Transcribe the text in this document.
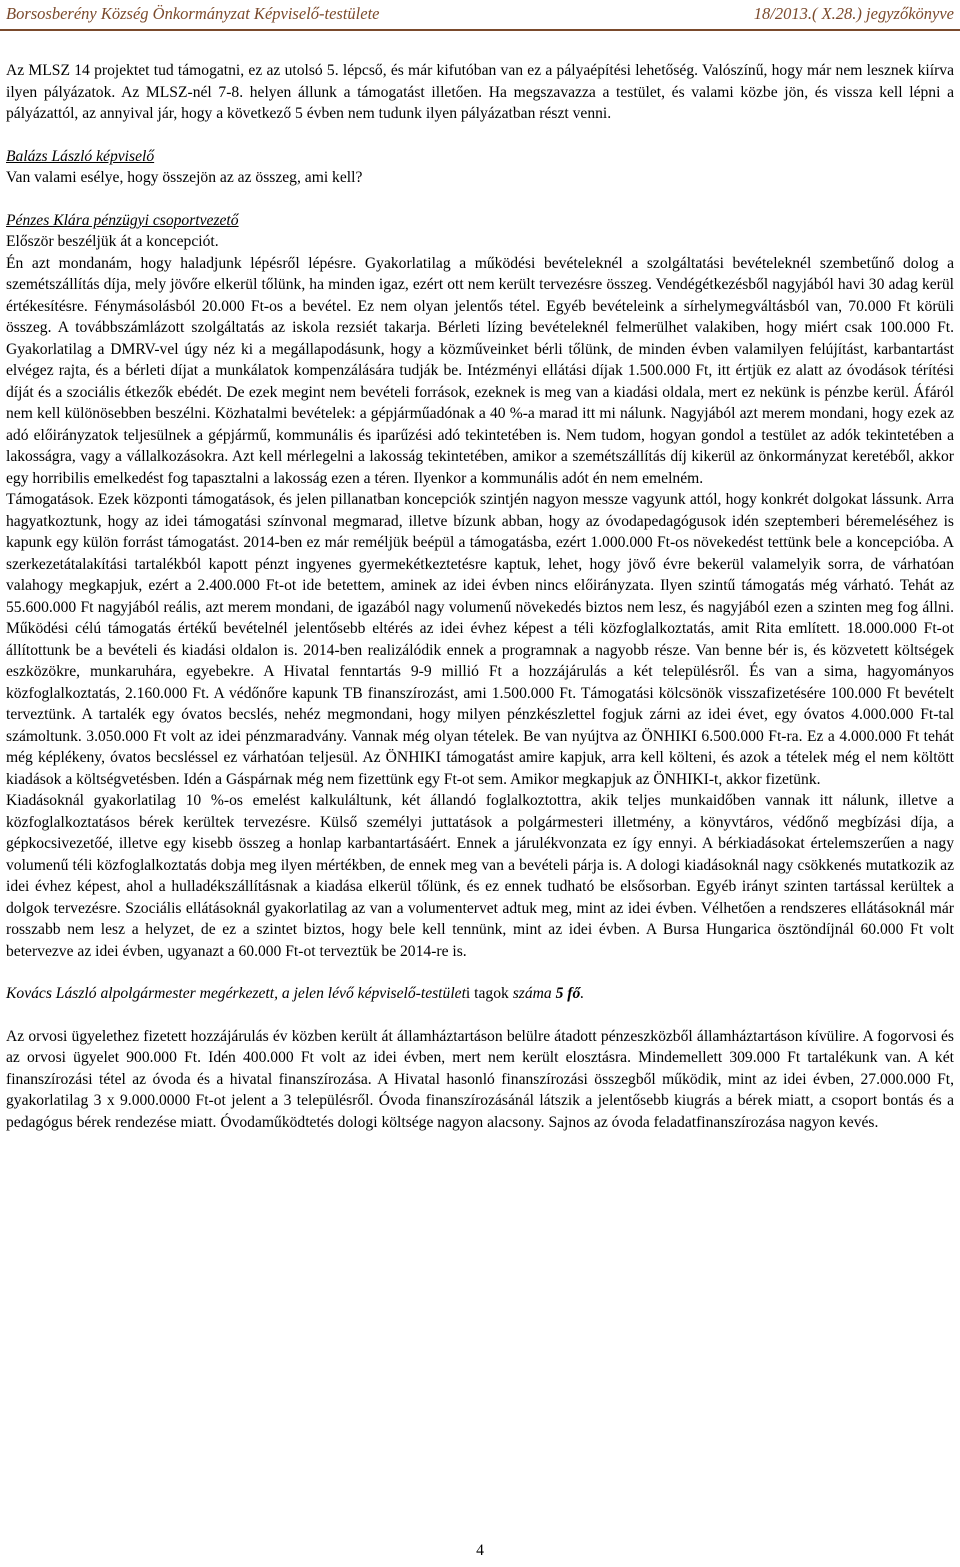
Borsosberény Község Önkormányzat Képviselő-testülete	18/2013.( X.28.) jegyzőkönyve

Az MLSZ 14 projektet tud támogatni, ez az utolsó 5. lépcső, és már kifutóban van ez a pályaépítési lehetőség. Valószínű, hogy már nem lesznek kiírva ilyen pályázatok. Az MLSZ-nél 7-8. helyen állunk a támogatást illetően. Ha megszavazza a testület, és valami közbe jön, és vissza kell lépni a pályázattól, az annyival jár, hogy a következő 5 évben nem tudunk ilyen pályázatban részt venni.

Balázs László képviselő

Van valami esélye, hogy összejön az az összeg, ami kell?

Pénzes Klára pénzügyi csoportvezető

Először beszéljük át a koncepciót.

Én azt mondanám, hogy haladjunk lépésről lépésre. Gyakorlatilag a működési bevételeknél a szolgáltatási bevételeknél szembetűnő dolog a szemétszállítás díja, mely jövőre elkerül tőlünk, ha minden igaz, ezért ott nem került tervezésre összeg. Vendégétkezésből nagyjából havi 30 adag kerül értékesítésre. Fénymásolásból 20.000 Ft-os a bevétel. Ez nem olyan jelentős tétel. Egyéb bevételeink a sírhelymegváltásból van, 70.000 Ft körüli összeg. A továbbszámlázott szolgáltatás az iskola rezsiét takarja. Bérleti lízing bevételeknél felmerülhet valakiben, hogy miért csak 100.000 Ft. Gyakorlatilag a DMRV-vel úgy néz ki a megállapodásunk, hogy a közműveinket bérli tőlünk, de minden évben valamilyen felújítást, karbantartást elvégez rajta, és a bérleti díjat a munkálatok kompenzálására tudják be. Intézményi ellátási díjak 1.500.000 Ft, itt értjük ez alatt az óvodások térítési díját és a szociális étkezők ebédét. De ezek megint nem bevételi források, ezeknek is meg van a kiadási oldala, mert ez nekünk is pénzbe kerül. Áfáról nem kell különösebben beszélni. Közhatalmi bevételek: a gépjárműadónak a 40 %-a marad itt mi nálunk. Nagyjából azt merem mondani, hogy ezek az adó előirányzatok teljesülnek a gépjármű, kommunális és iparűzési adó tekintetében is. Nem tudom, hogyan gondol a testület az adók tekintetében a lakosságra, vagy a vállalkozásokra. Azt kell mérlegelni a lakosság tekintetében, amikor a szemétszállítás díj kikerül az önkormányzat keretéből, akkor egy horribilis emelkedést fog tapasztalni a lakosság ezen a téren. Ilyenkor a kommunális adót én nem emelném.

Támogatások. Ezek központi támogatások, és jelen pillanatban koncepciók szintjén nagyon messze vagyunk attól, hogy konkrét dolgokat lássunk. Arra hagyatkoztunk, hogy az idei támogatási színvonal megmarad, illetve bízunk abban, hogy az óvodapedagógusok idén szeptemberi béremeléséhez is kapunk egy külön forrást támogatást. 2014-ben ez már reméljük beépül a támogatásba, ezért 1.000.000 Ft-os növekedést tettünk bele a koncepcióba. A szerkezetátalakítási tartalékból kapott pénzt ingyenes gyermekétkeztetésre kaptuk, lehet, hogy jövő évre bekerül valamelyik sorra, de várhatóan valahogy megkapjuk, ezért a 2.400.000 Ft-ot ide betettem, aminek az idei évben nincs előirányzata. Ilyen szintű támogatás még várható. Tehát az 55.600.000 Ft nagyjából reális, azt merem mondani, de igazából nagy volumenű növekedés biztos nem lesz, és nagyjából ezen a szinten meg fog állni. Működési célú támogatás értékű bevételnél jelentősebb eltérés az idei évhez képest a téli közfoglalkoztatás, amit Rita említett. 18.000.000 Ft-ot állítottunk be a bevételi és kiadási oldalon is. 2014-ben realizálódik ennek a programnak a nagyobb része. Van benne bér is, és közvetett költségek eszközökre, munkaruhára, egyebekre. A Hivatal fenntartás 9-9 millió Ft a hozzájárulás a két településről. És van a sima, hagyományos közfoglalkoztatás, 2.160.000 Ft. A védőnőre kapunk TB finanszírozást, ami 1.500.000 Ft. Támogatási kölcsönök visszafizetésére 100.000 Ft bevételt terveztünk. A tartalék egy óvatos becslés, nehéz megmondani, hogy milyen pénzkészlettel fogjuk zárni az idei évet, egy óvatos 4.000.000 Ft-tal számoltunk. 3.050.000 Ft volt az idei pénzmaradvány. Vannak még olyan tételek. Be van nyújtva az ÖNHIKI 6.500.000 Ft-ra. Ez a 4.000.000 Ft tehát még képlékeny, óvatos becsléssel ez várhatóan teljesül. Az ÖNHIKI támogatást amire kapjuk, arra kell költeni, és azok a tételek még el nem költött kiadások a költségvetésben. Idén a Gáspárnak még nem fizettünk egy Ft-ot sem. Amikor megkapjuk az ÖNHIKI-t, akkor fizetünk.

Kiadásoknál gyakorlatilag 10 %-os emelést kalkuláltunk, két állandó foglalkoztottra, akik teljes munkaidőben vannak itt nálunk, illetve a közfoglalkoztatásos bérek kerültek tervezésre. Külső személyi juttatások a polgármesteri illetmény, a könyvtáros, védőnő megbízási díja, a gépkocsivezetőé, illetve egy kisebb összeg a honlap karbantartásáért. Ennek a járulékvonzata ez így ennyi. A bérkiadásokat értelemszerűen a nagy volumenű téli közfoglalkoztatás dobja meg ilyen mértékben, de ennek meg van a bevételi párja is. A dologi kiadásoknál nagy csökkenés mutatkozik az idei évhez képest, ahol a hulladékszállításnak a kiadása elkerül tőlünk, és ez ennek tudható be elsősorban. Egyéb irányt szinten tartással kerültek a dolgok tervezésre. Szociális ellátásoknál gyakorlatilag az van a volumentervet adtuk meg, mint az idei évben. Vélhetően a rendszeres ellátásoknál már rosszabb nem lesz a helyzet, de ez a szintet biztos, hogy bele kell tennünk, mint az idei évben. A Bursa Hungarica ösztöndíjnál 60.000 Ft volt betervezve az idei évben, ugyanazt a 60.000 Ft-ot terveztük be 2014-re is.

Kovács László alpolgármester megérkezett, a jelen lévő képviselő-testületi tagok száma 5 fő.

Az orvosi ügyelethez fizetett hozzájárulás év közben került át államháztartáson belülre átadott pénzeszközből államháztartáson kívülire. A fogorvosi és az orvosi ügyelet 900.000 Ft. Idén 400.000 Ft volt az idei évben, mert nem került elosztásra. Mindemellett 309.000 Ft tartalékunk van. A két finanszírozási tétel az óvoda és a hivatal finanszírozása. A Hivatal hasonló finanszírozási összegből működik, mint az idei évben, 27.000.000 Ft, gyakorlatilag 3 x 9.000.0000 Ft-ot jelent a 3 településről. Óvoda finanszírozásánál látszik a jelentősebb kiugrás a bérek miatt, a csoport bontás és a pedagógus bérek rendezése miatt. Óvodaműködtetés dologi költsége nagyon alacsony. Sajnos az óvoda feladatfinanszírozása nagyon kevés.

4
